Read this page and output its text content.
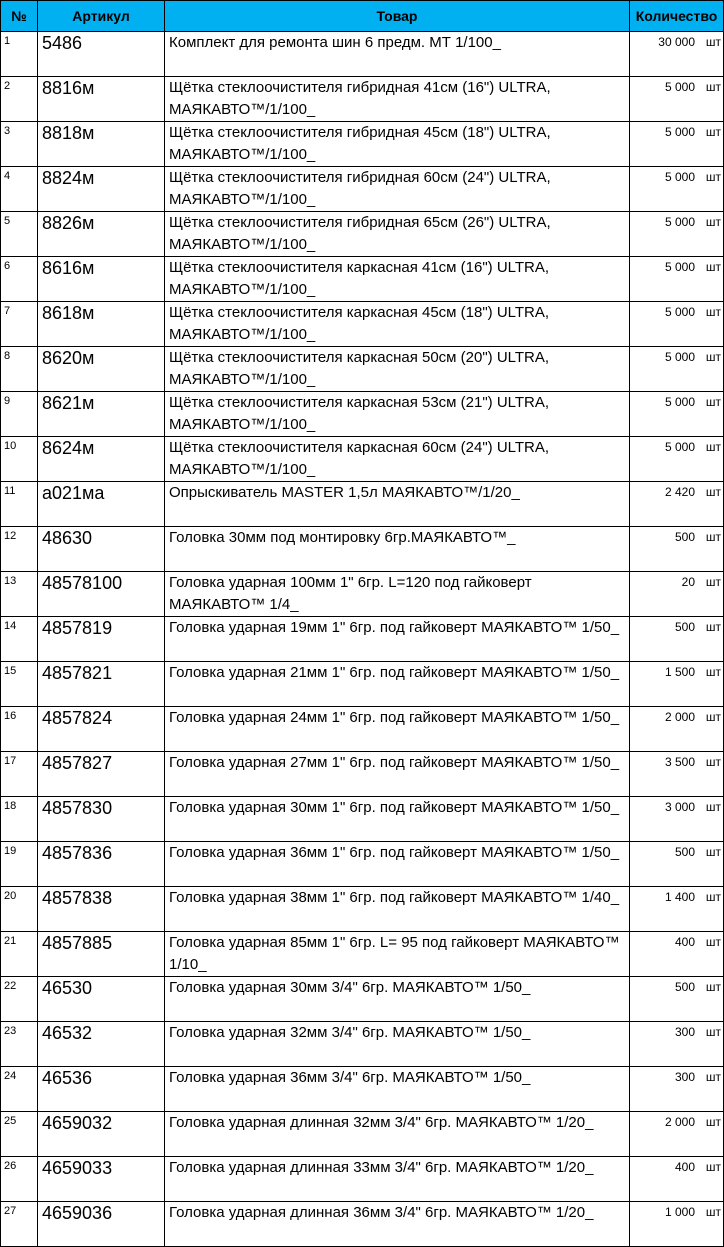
№	Артикул	Товар	Количество
1	5486	Комплект для ремонта шин 6 предм. МТ 1/100_	30 000 шт

2	8816м	Щётка стеклоочистителя гибридная 41см (16") ULTRA, МАЯКАВТО™/1/100_	5 000 шт

3	8818м	Щётка стеклоочистителя гибридная 45см (18") ULTRA, МАЯКАВТО™/1/100_	5 000 шт

4	8824м	Щётка стеклоочистителя гибридная 60см (24") ULTRA, МАЯКАВТО™/1/100_	5 000 шт

5	8826м	Щётка стеклоочистителя гибридная 65см (26") ULTRA, МАЯКАВТО™/1/100_	5 000 шт

6	8616м	Щётка стеклоочистителя каркасная 41см (16") ULTRA, МАЯКАВТО™/1/100_	5 000 шт

7	8618м	Щётка стеклоочистителя каркасная 45см (18") ULTRA, МАЯКАВТО™/1/100_	5 000 шт

8	8620м	Щётка стеклоочистителя каркасная 50см (20") ULTRA, МАЯКАВТО™/1/100_	5 000 шт

9	8621м	Щётка стеклоочистителя каркасная 53см (21") ULTRA, МАЯКАВТО™/1/100_	5 000 шт

10	8624м	Щётка стеклоочистителя каркасная 60см (24") ULTRA, МАЯКАВТО™/1/100_	5 000 шт

11	а021ма	Опрыскиватель MASTER 1,5л МАЯКАВТО™/1/20_	2 420 шт

12	48630	Головка 30мм под монтировку 6гр.МАЯКАВТО™_	500 шт

13	48578100	Головка ударная 100мм 1" 6гр. L=120 под гайковерт МАЯКАВТО™ 1/4_	20 шт

14	4857819	Головка ударная 19мм 1" 6гр. под гайковерт МАЯКАВТО™ 1/50_	500 шт

15	4857821	Головка ударная 21мм 1" 6гр. под гайковерт МАЯКАВТО™ 1/50_	1 500 шт

16	4857824	Головка ударная 24мм 1" 6гр. под гайковерт МАЯКАВТО™ 1/50_	2 000 шт

17	4857827	Головка ударная 27мм 1" 6гр. под гайковерт МАЯКАВТО™ 1/50_	3 500 шт

18	4857830	Головка ударная 30мм 1" 6гр. под гайковерт МАЯКАВТО™ 1/50_	3 000 шт

19	4857836	Головка ударная 36мм 1" 6гр. под гайковерт МАЯКАВТО™ 1/50_	500 шт

20	4857838	Головка ударная 38мм 1" 6гр. под гайковерт МАЯКАВТО™ 1/40_	1 400 шт

21	4857885	Головка ударная 85мм 1" 6гр. L= 95 под гайковерт МАЯКАВТО™ 1/10_	400 шт

22	46530	Головка ударная 30мм 3/4" 6гр. МАЯКАВТО™ 1/50_	500 шт

23	46532	Головка ударная 32мм 3/4" 6гр. МАЯКАВТО™ 1/50_	300 шт

24	46536	Головка ударная 36мм 3/4" 6гр. МАЯКАВТО™ 1/50_	300 шт

25	4659032	Головка ударная длинная 32мм 3/4" 6гр. МАЯКАВТО™ 1/20_	2 000 шт

26	4659033	Головка ударная длинная 33мм 3/4" 6гр. МАЯКАВТО™ 1/20_	400 шт

27	4659036	Головка ударная длинная 36мм 3/4" 6гр. МАЯКАВТО™ 1/20_	1 000 шт
